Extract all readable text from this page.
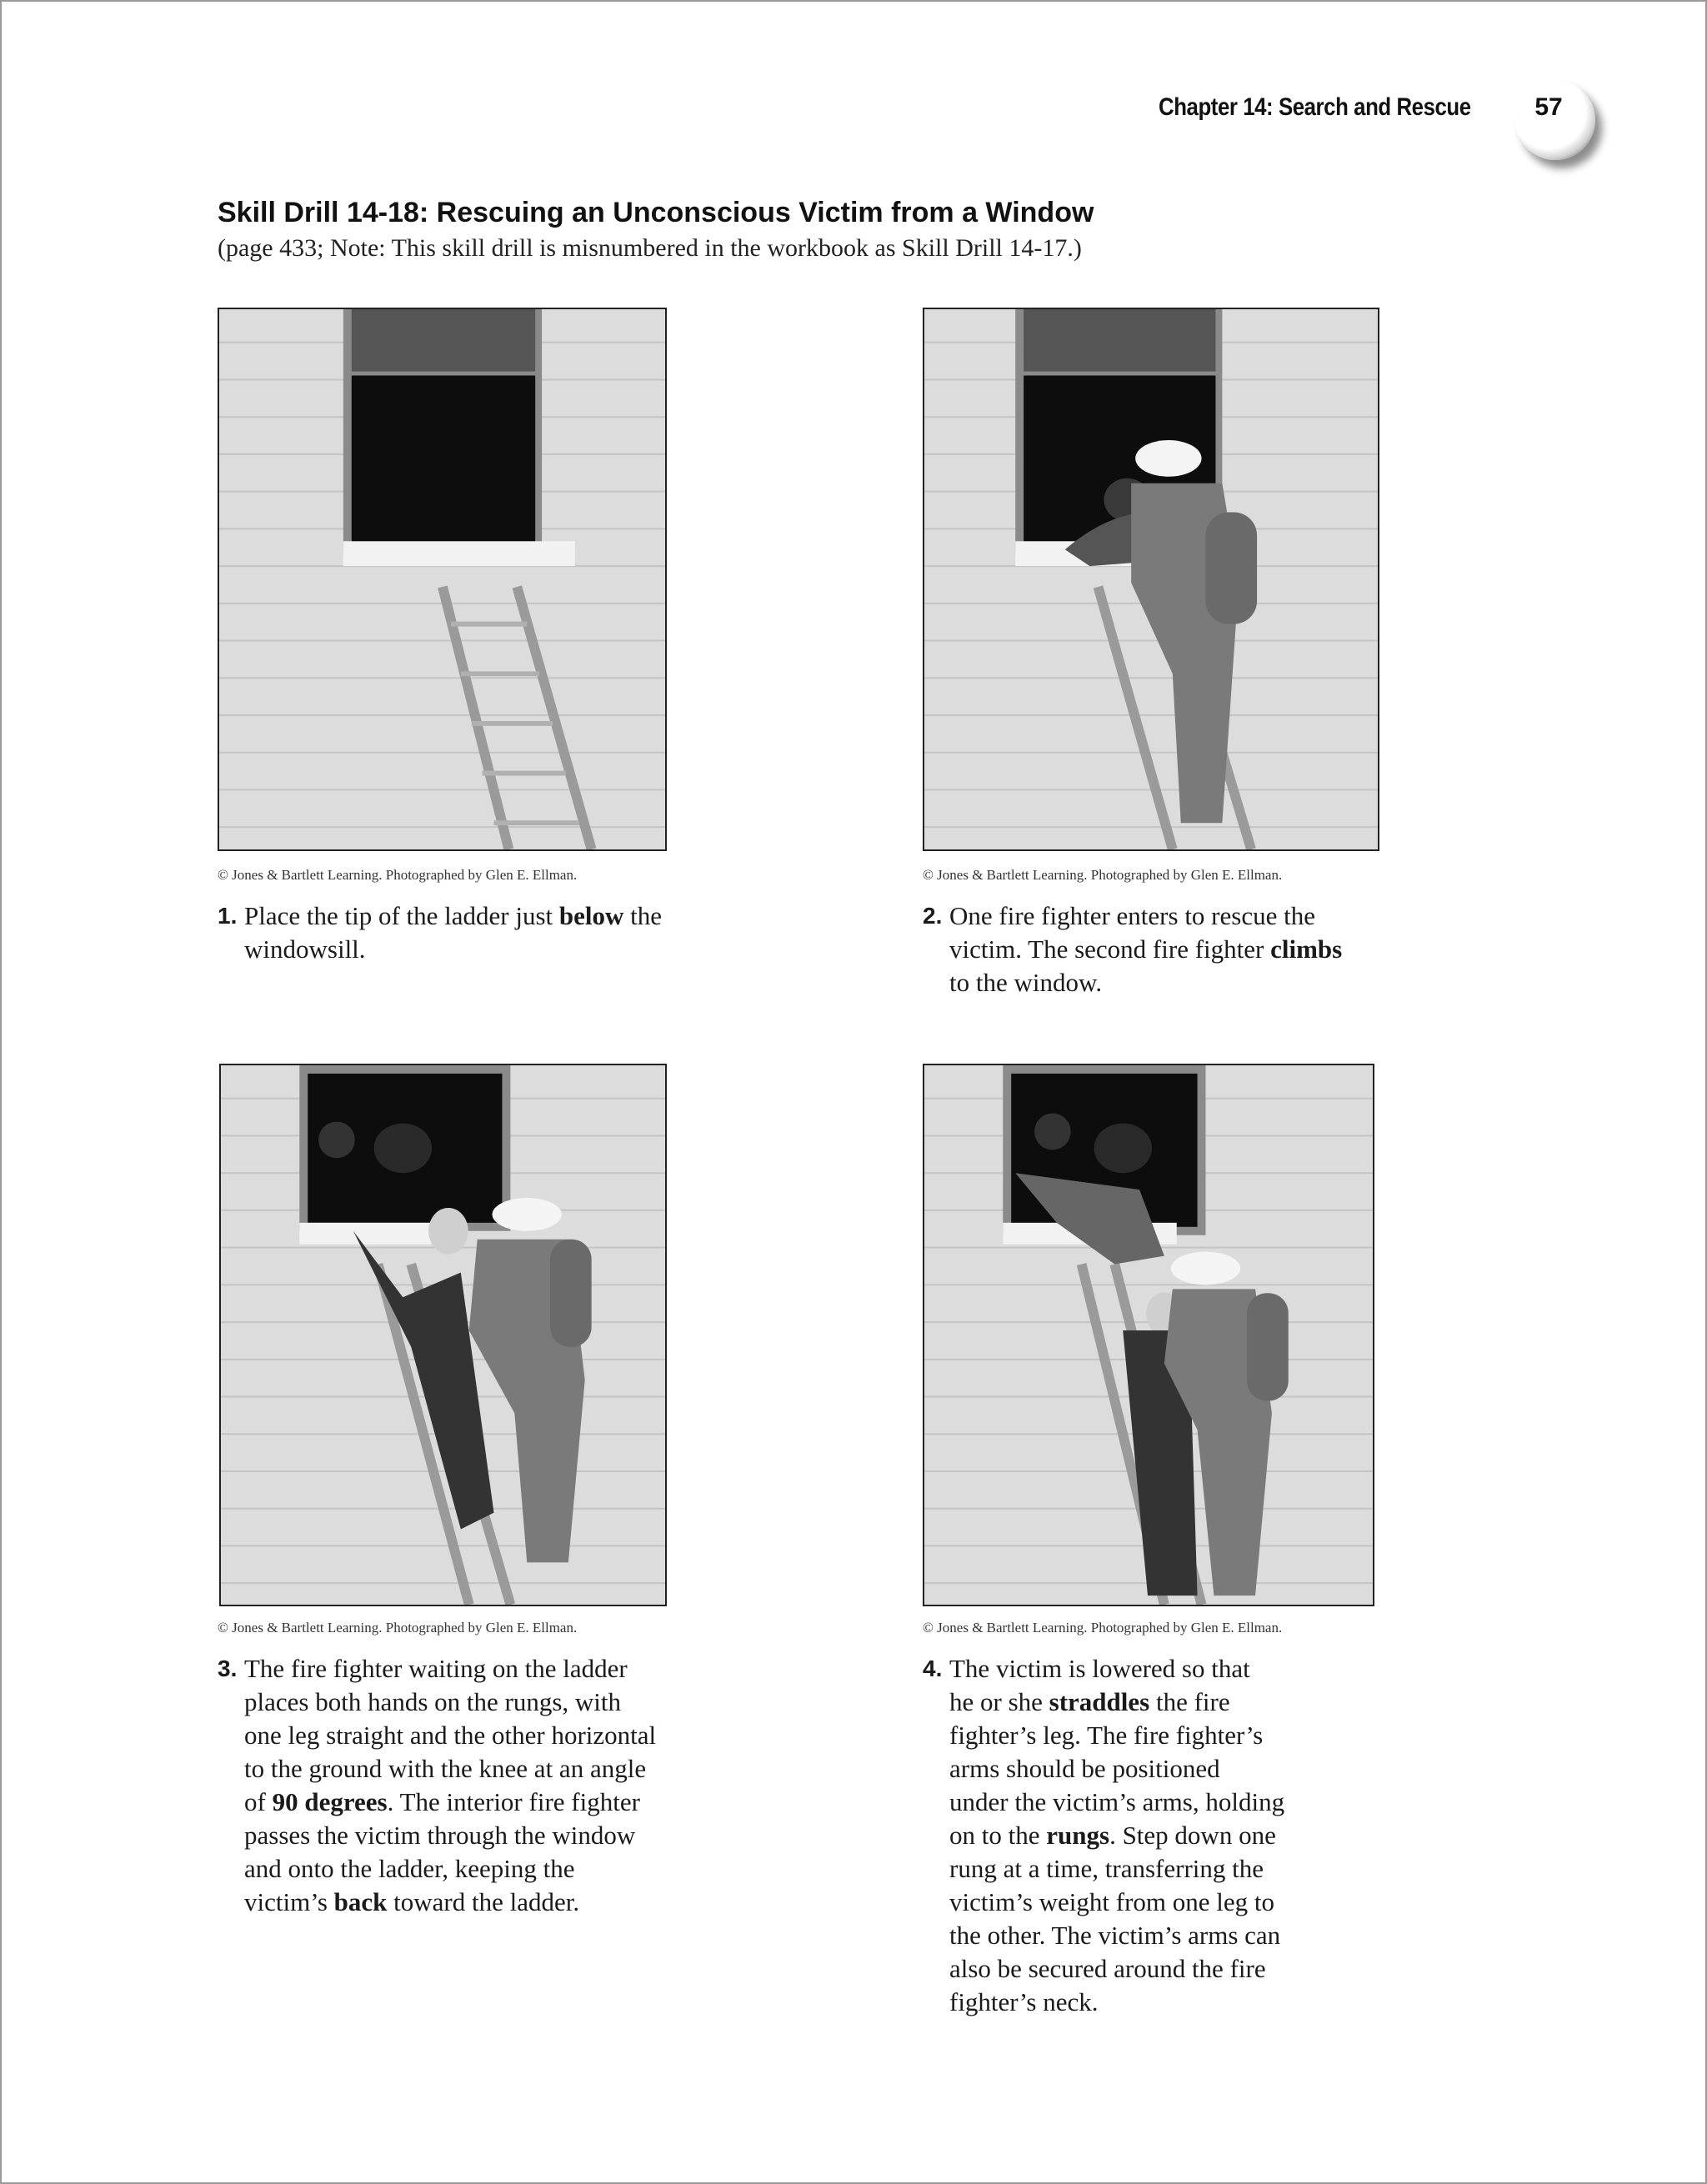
Chapter 14: Search and Rescue	57
Skill Drill 14-18: Rescuing an Unconscious Victim from a Window
(page 433; Note: This skill drill is misnumbered in the workbook as Skill Drill 14-17.)
© Jones & Bartlett Learning. Photographed by Glen E. Ellman.
1. Place the tip of the ladder just below the
windowsill.
© Jones & Bartlett Learning. Photographed by Glen E. Ellman.
2. One fire fighter enters to rescue the
victim. The second fire fighter climbs
to the window.
© Jones & Bartlett Learning. Photographed by Glen E. Ellman.
3. The fire fighter waiting on the ladder
places both hands on the rungs, with
one leg straight and the other horizontal
to the ground with the knee at an angle
of 90 degrees. The interior fire fighter
passes the victim through the window
and onto the ladder, keeping the
victim’s back toward the ladder.
© Jones & Bartlett Learning. Photographed by Glen E. Ellman.
4. The victim is lowered so that
he or she straddles the fire
fighter’s leg. The fire fighter’s
arms should be positioned
under the victim’s arms, holding
on to the rungs. Step down one
rung at a time, transferring the
victim’s weight from one leg to
the other. The victim’s arms can
also be secured around the fire
fighter’s neck.
